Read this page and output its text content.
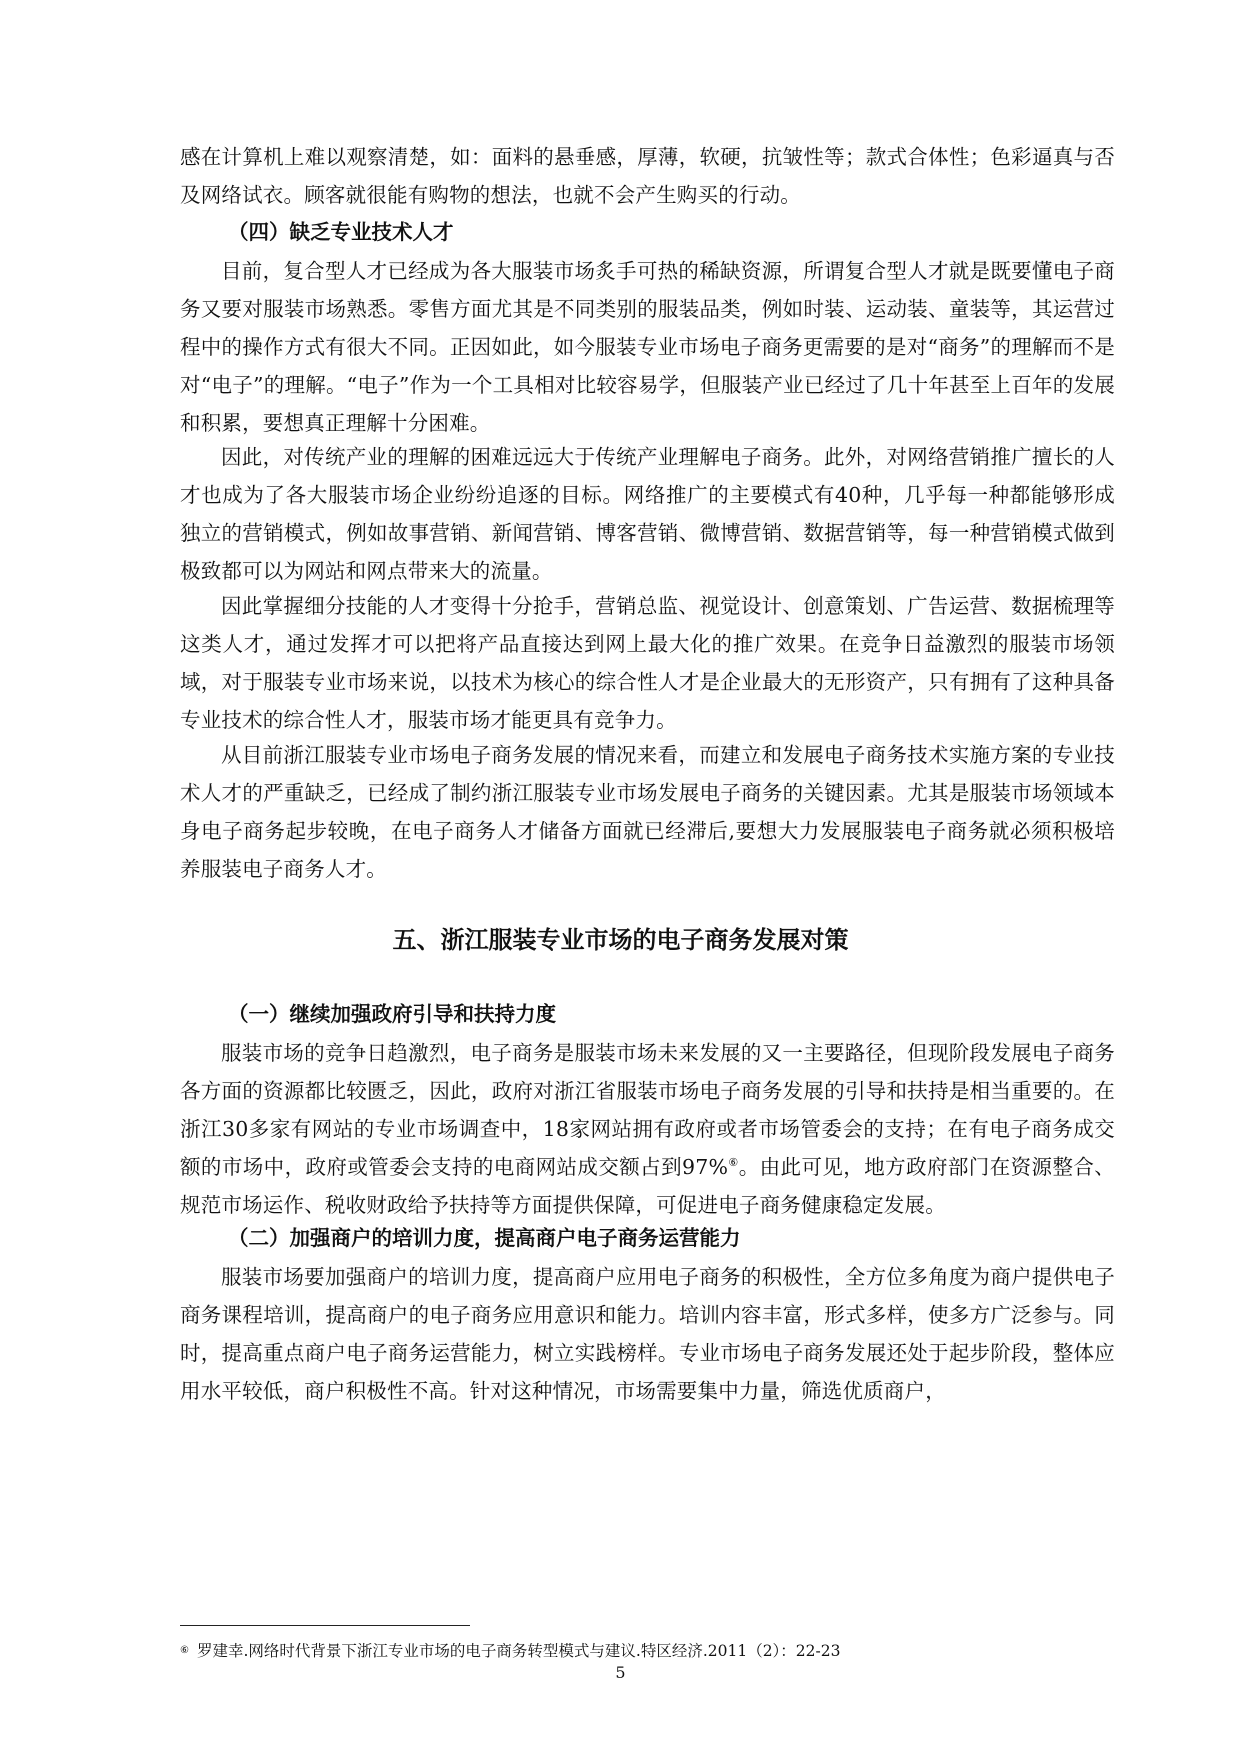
感在计算机上难以观察清楚，如：面料的悬垂感，厚薄，软硬，抗皱性等；款式合体性；色彩逼真与否及网络试衣。顾客就很能有购物的想法，也就不会产生购买的行动。

（四）缺乏专业技术人才

目前，复合型人才已经成为各大服装市场炙手可热的稀缺资源，所谓复合型人才就是既要懂电子商务又要对服装市场熟悉。零售方面尤其是不同类别的服装品类，例如时装、运动装、童装等，其运营过程中的操作方式有很大不同。正因如此，如今服装专业市场电子商务更需要的是对“商务”的理解而不是对“电子”的理解。“电子”作为一个工具相对比较容易学，但服装产业已经过了几十年甚至上百年的发展和积累，要想真正理解十分困难。

因此，对传统产业的理解的困难远远大于传统产业理解电子商务。此外，对网络营销推广擅长的人才也成为了各大服装市场企业纷纷追逐的目标。网络推广的主要模式有40种，几乎每一种都能够形成独立的营销模式，例如故事营销、新闻营销、博客营销、微博营销、数据营销等，每一种营销模式做到极致都可以为网站和网点带来大的流量。

因此掌握细分技能的人才变得十分抢手，营销总监、视觉设计、创意策划、广告运营、数据梳理等这类人才，通过发挥才可以把将产品直接达到网上最大化的推广效果。在竞争日益激烈的服装市场领域，对于服装专业市场来说，以技术为核心的综合性人才是企业最大的无形资产，只有拥有了这种具备专业技术的综合性人才，服装市场才能更具有竞争力。

从目前浙江服装专业市场电子商务发展的情况来看，而建立和发展电子商务技术实施方案的专业技术人才的严重缺乏，已经成了制约浙江服装专业市场发展电子商务的关键因素。尤其是服装市场领域本身电子商务起步较晚，在电子商务人才储备方面就已经滞后,要想大力发展服装电子商务就必须积极培养服装电子商务人才。

五、浙江服装专业市场的电子商务发展对策

（一）继续加强政府引导和扶持力度

服装市场的竞争日趋激烈，电子商务是服装市场未来发展的又一主要路径，但现阶段发展电子商务各方面的资源都比较匮乏，因此，政府对浙江省服装市场电子商务发展的引导和扶持是相当重要的。在浙江30多家有网站的专业市场调查中，18家网站拥有政府或者市场管委会的支持；在有电子商务成交额的市场中，政府或管委会支持的电商网站成交额占到97%⑥。由此可见，地方政府部门在资源整合、规范市场运作、税收财政给予扶持等方面提供保障，可促进电子商务健康稳定发展。

（二）加强商户的培训力度，提高商户电子商务运营能力

服装市场要加强商户的培训力度，提高商户应用电子商务的积极性，全方位多角度为商户提供电子商务课程培训，提高商户的电子商务应用意识和能力。培训内容丰富，形式多样，使多方广泛参与。同时，提高重点商户电子商务运营能力，树立实践榜样。专业市场电子商务发展还处于起步阶段，整体应用水平较低，商户积极性不高。针对这种情况，市场需要集中力量，筛选优质商户，

⑥ 罗建幸.网络时代背景下浙江专业市场的电子商务转型模式与建议.特区经济.2011（2）：22-23

5
